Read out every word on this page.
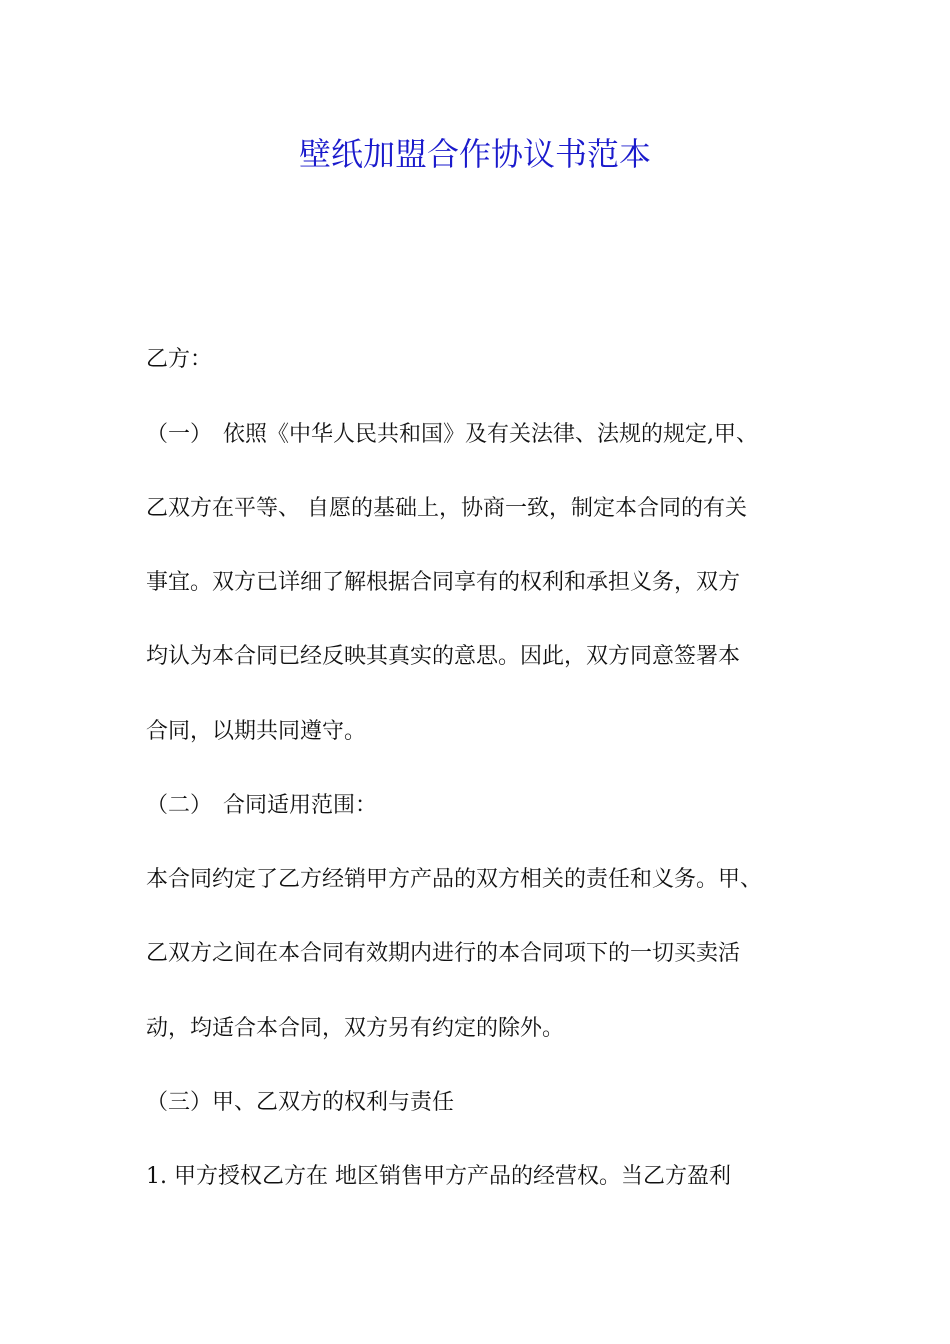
壁纸加盟合作协议书范本
乙方：
（一）　依照《中华人民共和国》及有关法律、法规的规定,甲、
乙双方在平等、 自愿的基础上，协商一致，制定本合同的有关
事宜。双方已详细了解根据合同享有的权利和承担义务，双方
均认为本合同已经反映其真实的意思。因此，双方同意签署本
合同，以期共同遵守。
（二）　合同适用范围：
本合同约定了乙方经销甲方产品的双方相关的责任和义务。甲、
乙双方之间在本合同有效期内进行的本合同项下的一切买卖活
动，均适合本合同，双方另有约定的除外。
（三）甲、乙双方的权利与责任
1. 甲方授权乙方在 地区销售甲方产品的经营权。当乙方盈利
